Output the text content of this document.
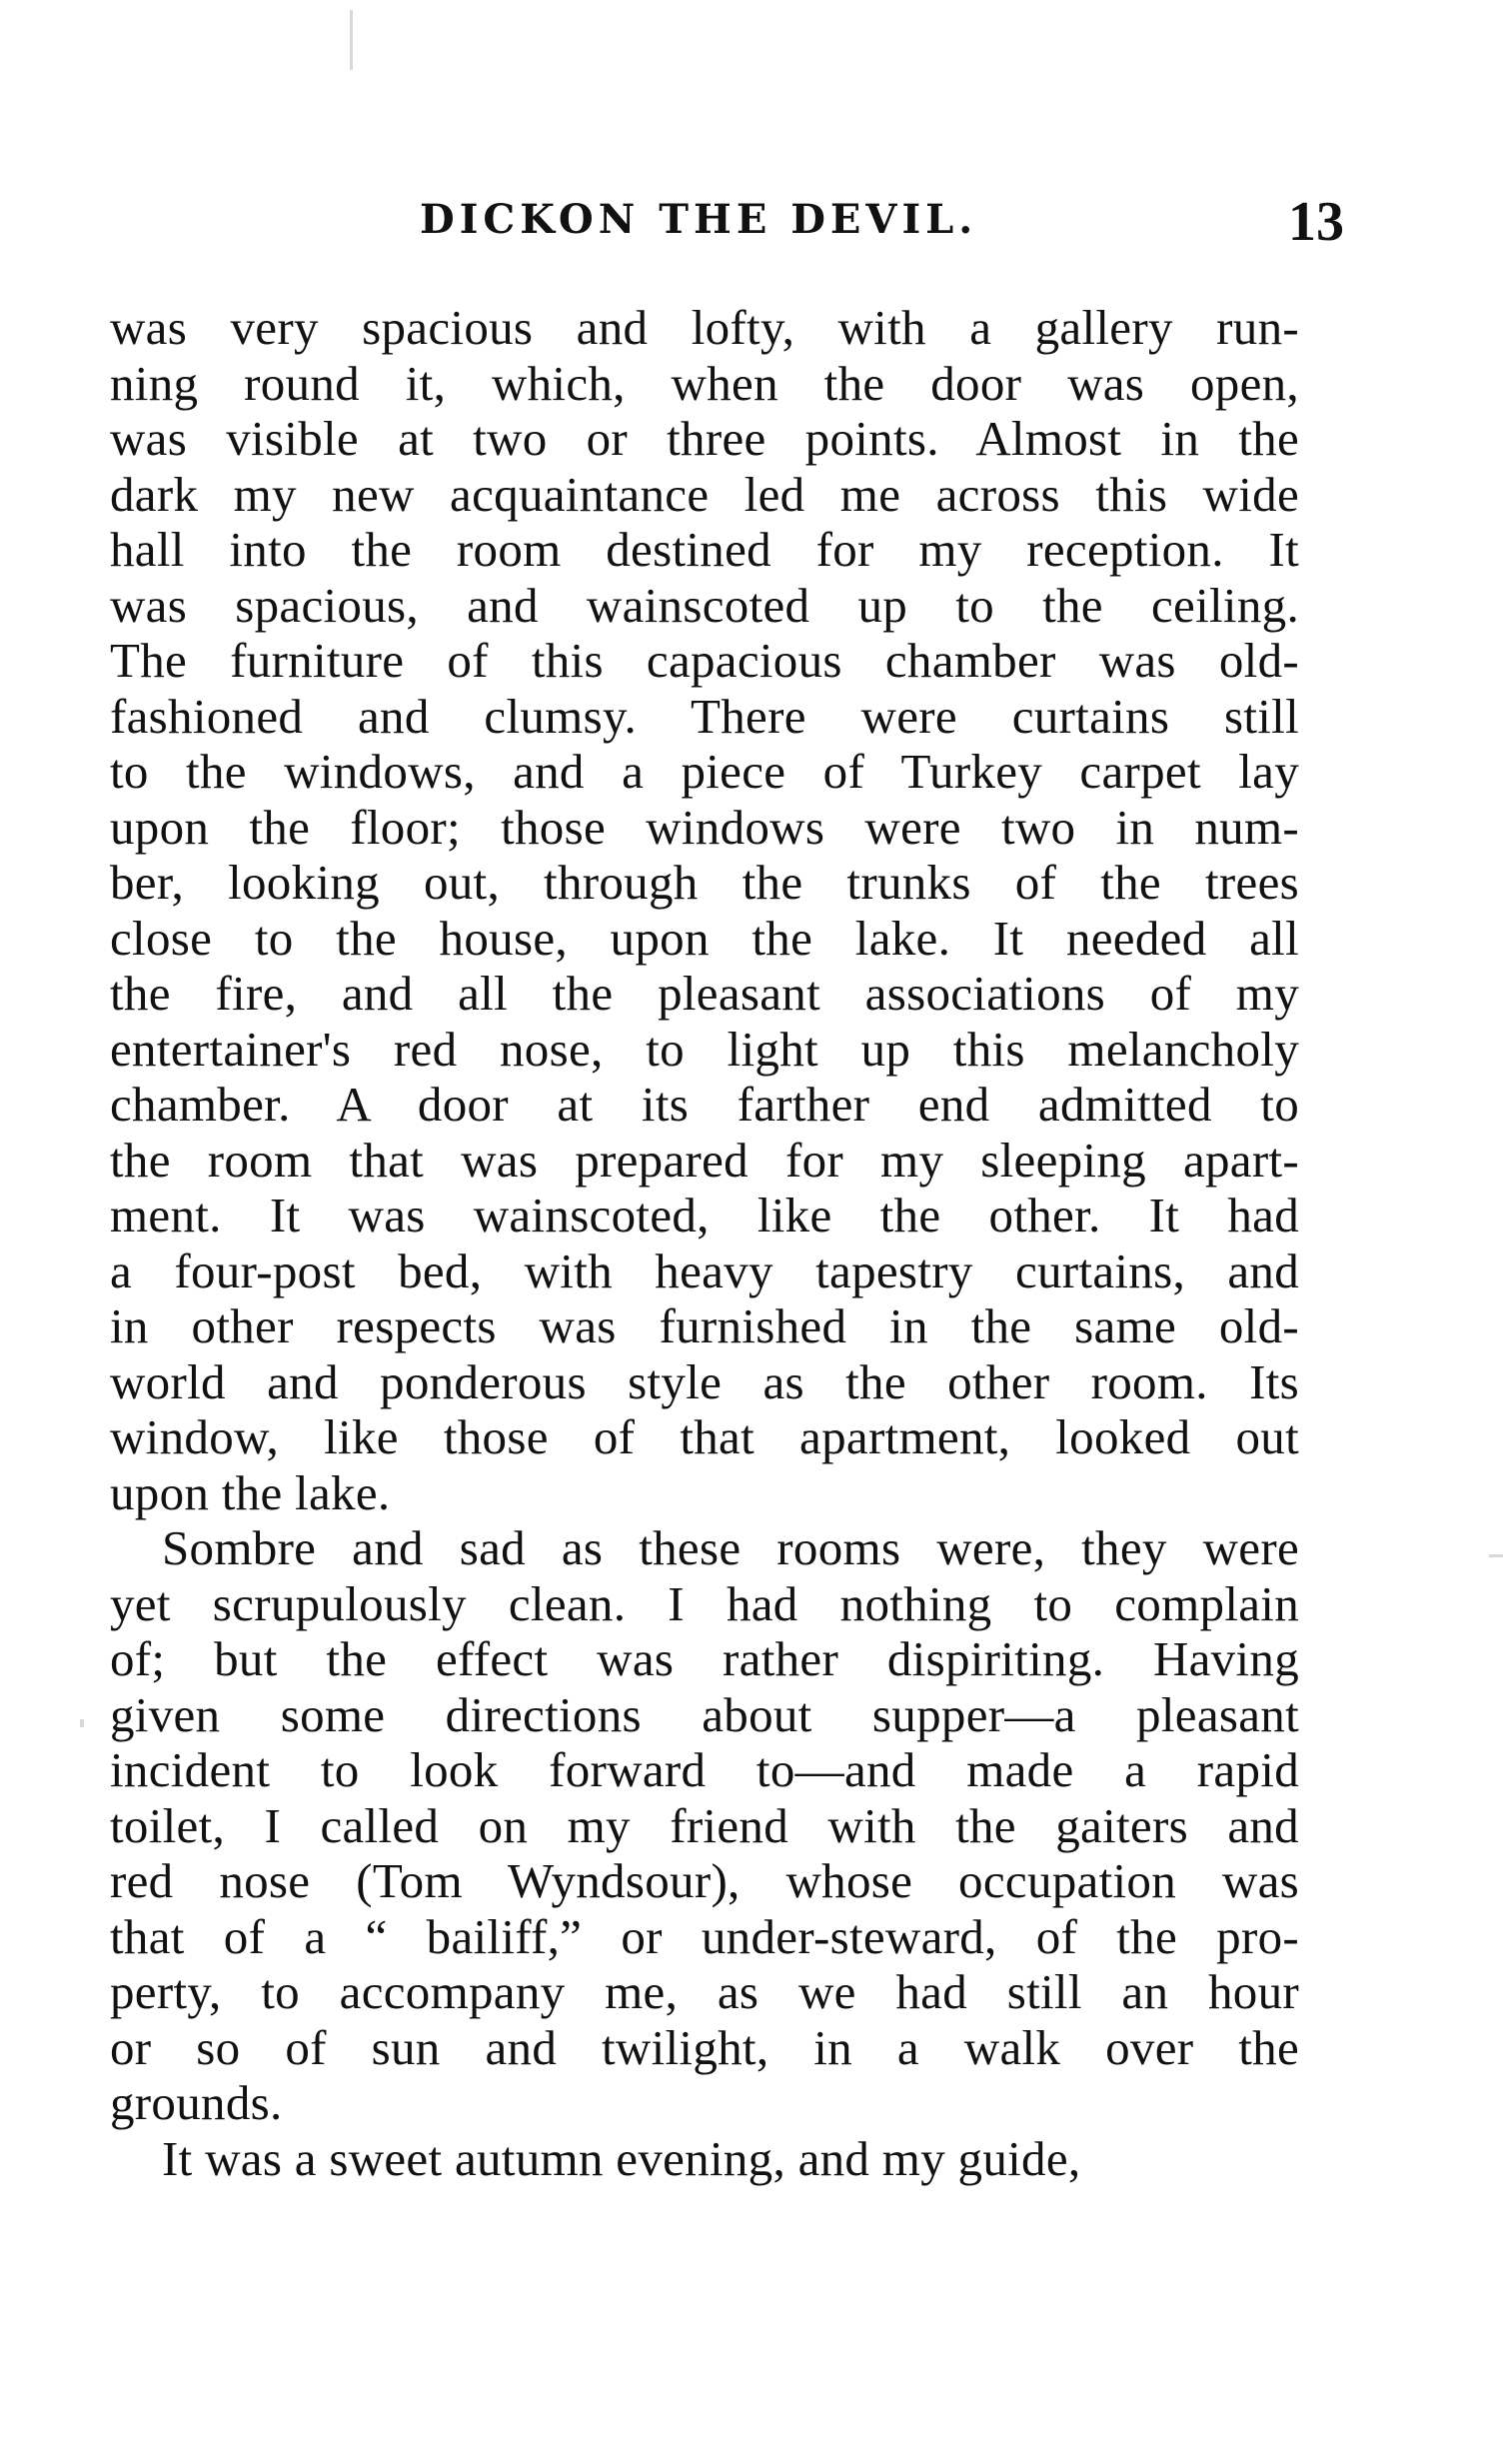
DICKON THE DEVIL.	13
was very spacious and lofty, with a gallery run-
ning round it, which, when the door was open,
was visible at two or three points. Almost in the
dark my new acquaintance led me across this wide
hall into the room destined for my reception. It
was spacious, and wainscoted up to the ceiling.
The furniture of this capacious chamber was old-
fashioned and clumsy. There were curtains still
to the windows, and a piece of Turkey carpet lay
upon the floor; those windows were two in num-
ber, looking out, through the trunks of the trees
close to the house, upon the lake. It needed all
the fire, and all the pleasant associations of my
entertainer's red nose, to light up this melancholy
chamber. A door at its farther end admitted to
the room that was prepared for my sleeping apart-
ment. It was wainscoted, like the other. It had
a four-post bed, with heavy tapestry curtains, and
in other respects was furnished in the same old-
world and ponderous style as the other room. Its
window, like those of that apartment, looked out
upon the lake.
Sombre and sad as these rooms were, they were
yet scrupulously clean. I had nothing to complain
of; but the effect was rather dispiriting. Having
given some directions about supper—a pleasant
incident to look forward to—and made a rapid
toilet, I called on my friend with the gaiters and
red nose (Tom Wyndsour), whose occupation was
that of a “ bailiff,” or under-steward, of the pro-
perty, to accompany me, as we had still an hour
or so of sun and twilight, in a walk over the
grounds.
It was a sweet autumn evening, and my guide,
